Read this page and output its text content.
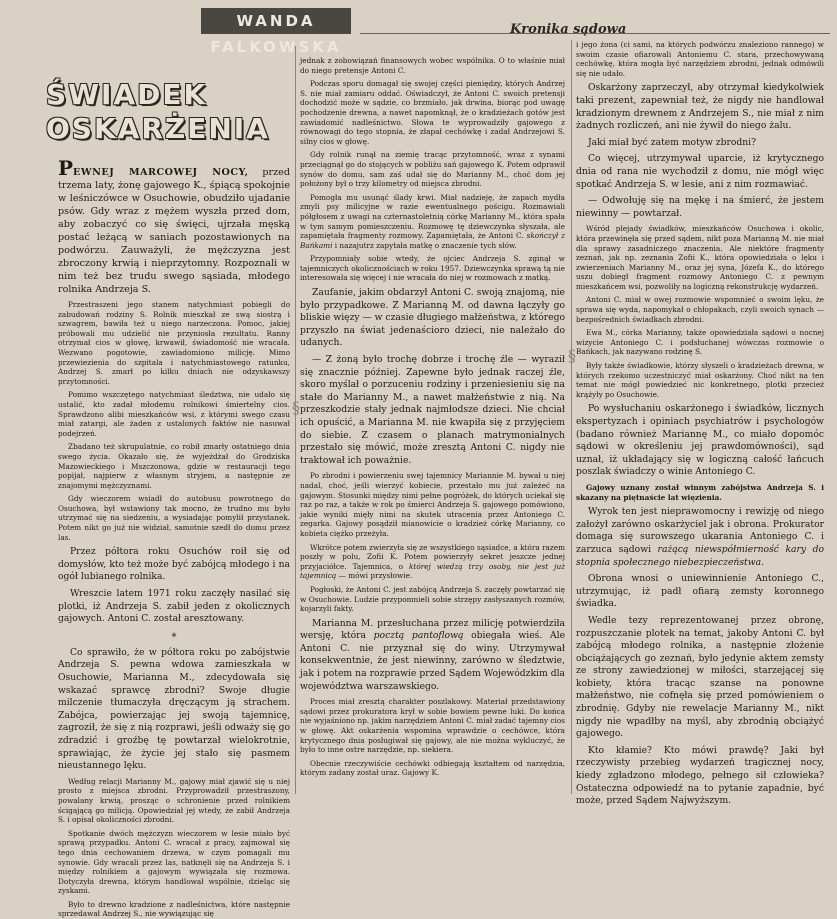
WANDA FALKOWSKA
Kronika sądowa
ŚWIADEK
OSKARŻENIA

PEWNEJ MARCOWEJ NOCY, przed trzema laty, żonę gajowego K., śpiącą spokojnie w leśniczówce w Osuchowie, obudziło ujadanie psów. Gdy wraz z mężem wyszła przed dom, aby zobaczyć co się święci, ujrzała męską postać leżącą w saniach pozostawionych na podwórzu. Zauważyli, że mężczyzna jest zbroczony krwią i nieprzytomny. Rozpoznali w nim też bez trudu swego sąsiada, młodego rolnika Andrzeja S.

Przestraszeni jego stanem natychmiast pobiegli do zabudowań rodziny S. Rolnik mieszkał ze swą siostrą i szwagrem, bawiła też u niego narzeczona. Pomoc, jakiej próbowali mu udzielić nie przyniosła rezultatu. Ranny otrzymał cios w głowę, krwawił, świadomość nie wracała. Wezwano pogotowie, zawiadomiono milicję. Mimo przewiezienia do szpitala i natychmiastowego ratunku, Andrzej S. zmarł po kilku dniach nie odzyskawszy przytomności.

Pomimo wszczętego natychmiast śledztwa, nie udało się ustalić, kto zadał młodemu rolnikowi śmiertelny cios. Sprawdzono alibi mieszkańców wsi, z którymi swego czasu miał zatargi, ale żaden z ustalonych faktów nie nasuwał podejrzeń.

Zbadano też skrupulatnie, co robił zmarły ostatniego dnia swego życia. Okazało się, że wyjeżdżał do Grodziska Mazowieckiego i Mszczonowa, gdzie w restauracji tego popijał, najpierw z własnym stryjem, a następnie ze znajomymi mężczyznami.

Gdy wieczorem wsiadł do autobusu powrotnego do Osuchowa, był wstawiony tak mocno, że trudno mu było utrzymać się na siedzeniu, a wysiadając pomylił przystanek. Potem nikt go już nie widział, samotnie szedł do domu przez las.

Przez półtora roku Osuchów roił się od domysłów, kto też może być zabójcą młodego i na ogół lubianego rolnika.

Wreszcie latem 1971 roku zaczęły nasilać się plotki, iż Andrzeja S. zabił jeden z okolicznych gajowych. Antoni C. został aresztowany.

*

Co sprawiło, że w półtora roku po zabójstwie Andrzeja S. pewna wdowa zamieszkała w Osuchowie, Marianna M., zdecydowała się wskazać sprawcę zbrodni? Swoje długie milczenie tłumaczyła dręczącym ją strachem. Zabójca, powierzając jej swoją tajemnicę, zagroził, że się z nią rozprawi, jeśli odważy się go zdradzić i groźbę tę powtarzał wielokrotnie, sprawiając, że życie jej stało się pasmem nieustannego lęku.

Według relacji Marianny M., gajowy miał zjawić się u niej prosto z miejsca zbrodni. Przyprowadził przestraszony, powalany krwią, prosząc o schronienie przed rolnikiem ścigającą go milicją. Opowiedział jej wtedy, że zabił Andrzeja S. i opisał okoliczności zbrodni.

Spotkanie dwóch mężczyzn wieczorem w lesie miało być sprawą przypadku. Antoni C. wracał z pracy, zajmował się tego dnia cechowaniem drzewa, w czym pomagali mu synowie. Gdy wracali przez las, natknęli się na Andrzeja S. i między rolnikiem a gajowym wywiązała się rozmowa. Dotyczyła drewna, którym handlował wspólnie, dzieląc się zyskami.

Było to drewno kradzione z nadleśnictwa, które następnie sprzedawał Andrzej S., nie wywiązując się

jednak z zobowiązań finansowych wobec wspólnika. O to właśnie miał do niego pretensje Antoni C.

Podczas sporu domagał się swojej części pieniędzy, których Andrzej S. nie miał zamiaru oddać. Oświadczył, że Antoni C. swoich pretensji dochodzić może w sądzie, co brzmiało, jak drwina, biorąc pod uwagę pochodzenie drewna, a nawet napomknął, że o kradzieżach gotów jest zawiadomić nadleśnictwo. Słowa te wyprowadziły gajowego z równowagi do tego stopnia, że złapał cechówkę i zadał Andrzejowi S. silny cios w głowę.

Gdy rolnik runął na ziemię tracąc przytomność, wraz z synami przeciągnął go do stojących w pobliżu sań gajowego K. Potem odprawił synów do domu, sam zaś udał się do Marianny M., choć dom jej położony był o trzy kilometry od miejsca zbrodni.

Pomogła mu usunąć ślady krwi. Miał nadzieję, że zapach mydła zmyli psy milicyjne w razie ewentualnego pościgu. Rozmawiali półgłosem z uwagi na czternastoletnią córkę Marianny M., która spała w tym samym pomieszczeniu. Rozmowę tę dziewczynka słyszała, ale zapamiętała fragmenty rozmowy. Zapamiętała, że Antoni C. skończył z Bańkami i nazajutrz zapytała matkę o znaczenie tych słów.

Przypomniały sobie wtedy, że ojciec Andrzeja S. zginął w tajemniczych okolicznościach w roku 1957. Dziewczynka sprawą tą nie interesowała się więcej i nie wracała do niej w rozmowach z matką.

Zaufanie, jakim obdarzył Antoni C. swoją znajomą, nie było przypadkowe. Z Marianną M. od dawna łączyły go bliskie więzy — w czasie długiego małżeństwa, z którego przyszło na świat jedenaścioro dzieci, nie należało do udanych.

— Z żoną było trochę dobrze i trochę źle — wyraził się znacznie później. Zapewne było jednak raczej źle, skoro myślał o porzuceniu rodziny i przeniesieniu się na stałe do Marianny M., a nawet małżeństwie z nią. Na przeszkodzie stały jednak najmłodsze dzieci. Nie chciał ich opuścić, a Marianna M. nie kwapiła się z przyjęciem do siebie. Z czasem o planach matrymonialnych przestało się mówić, może zresztą Antoni C. nigdy nie traktował ich poważnie.

Po zbrodni i powierzeniu swej tajemnicy Mariannie M. bywał u niej nadal, choć, jeśli wierzyć kobiecie, przestało mu już zależeć na gajowym. Stosunki między nimi pełne pogróżek, do których uciekał się raz po raz, a także w rok po śmierci Andrzeja S. gajowego pomówiono, jakie wyniki mięły nimi na skutek utracenia przez Antoniego C. zegarka. Gajowy posądził mianowicie o kradzież córkę Marianny, co kobieta ciężko przeżyła.

Wkrótce potem zwierzyła się ze wszystkiego sąsiadce, a która razem poszły w polu, Zofii K. Potem powierzyły sekret jeszcze jednej przyjaciółce. Tajemnica, o której wiedzą trzy osoby, nie jest już tajemnicą — mówi przysłowie.

Pogłoski, że Antoni C. jest zabójcą Andrzeja S. zaczęły powtarzać się w Osuchowie. Ludzie przypomnieli sobie strzępy zasłyszanych rozmów, kojarzyli fakty.

Marianna M. przesłuchana przez milicję potwierdziła wersję, która pocztą pantoflową obiegała wieś. Ale Antoni C. nie przyznał się do winy. Utrzymywał konsekwentnie, że jest niewinny, zarówno w śledztwie, jak i potem na rozprawie przed Sądem Wojewódzkim dla województwa warszawskiego.

Proces miał zresztą charakter poszlakowy. Materiał przedstawiony sądowi przez prokuratora krył w sobie bowiem pewne luki. Do końca nie wyjaśniono np. jakim narzędziem Antoni C. miał zadać tajemny cios w głowę. Akt oskarżenia wspomina wprawdzie o cechówce, która krytycznego dnia posługiwał się gajowy, ale nie można wykluczyć, że było to inne ostre narzędzie, np. siekiera.

Obecnie rzeczywiście cechówki odbiegają kształtem od narzędzia, którym zadany został uraz. Gajowy K.

i jego żona (ci sami, na których podwórzu znaleziono rannego) w swoim czasie ofiarowali Antoniemu C. stara, przechowywaną cechówkę, która mogła być narzędziem zbrodni, jednak odmówili się nie udało.

Oskarżony zaprzeczył, aby otrzymał kiedykolwiek taki prezent, zapewniał też, że nigdy nie handlował kradzionym drewnem z Andrzejem S., nie miał z nim żadnych rozliczeń, ani nie żywił do niego żalu.

Jaki miał być zatem motyw zbrodni?

Co więcej, utrzymywał uparcie, iż krytycznego dnia od rana nie wychodził z domu, nie mógł więc spotkać Andrzeja S. w lesie, ani z nim rozmawiać.

— Odwołuję się na mękę i na śmierć, że jestem niewinny — powtarzał.

Wśród plejady świadków, mieszkańców Osuchowa i okolic, która przewinęła się przed sądem, nikt poza Marianną M. nie miał dla sprawy zasadniczego znaczenia. Ale niektóre fragmenty zeznań, jak np. zeznania Zofii K., która opowiedziała o lęku i zwierzeniach Marianny M., oraz jej syna, Józefa K., do którego uszu dobiegł fragment rozmowy Antoniego C. z pewnym mieszkańcem wsi, pozwoliły na logiczną rekonstrukcję wydarzeń.

Antoni C. miał w owej rozmowie wspomnieć o swoim lęku, że sprawa się wyda, napomykał o chłopakach, czyli swoich synach — bezpośrednich świadkach zbrodni.

Ewa M., córka Marianny, także opowiedziała sądowi o nocnej wizycie Antoniego C. i podsłuchanej wówczas rozmowie o Bańkach, jak nazywano rodzinę S.

Były także świadkowie, którzy słyszeli o kradzieżach drewna, w których rzekomo uczestniczyć miał oskarżony. Choć nikt na ten temat nie mógł powiedzieć nic konkretnego, plotki przecież krążyły po Osuchowie.

Po wysłuchaniu oskarżonego i świadków, licznych ekspertyzach i opiniach psychiatrów i psychologów (badano również Mariannę M., co miało dopomóc sądowi w określeniu jej prawdomówności), sąd uznał, iż układający się w logiczną całość łańcuch poszlak świadczy o winie Antoniego C.

Gajowy uznany został winnym zabójstwa Andrzeja S. i skazany na piętnaście lat więzienia.

Wyrok ten jest nieprawomocny i rewizję od niego założył zarówno oskarżyciel jak i obrona. Prokurator domaga się surowszego ukarania Antoniego C. i zarzuca sądowi rażącą niewspółmierność kary do stopnia społecznego niebezpieczeństwa.

Obrona wnosi o uniewinnienie Antoniego C., utrzymując, iż padł ofiarą zemsty koronnego świadka.

Wedle tezy reprezentowanej przez obronę, rozpuszczanie plotek na temat, jakoby Antoni C. był zabójcą młodego rolnika, a następnie złożenie obciążających go zeznań, było jedynie aktem zemsty ze strony zawiedzionej w miłości, starzejącej się kobiety, która tracąc szanse na ponowne małżeństwo, nie cofnęła się przed pomówieniem o zbrodnię. Gdyby nie rewelacje Marianny M., nikt nigdy nie wpadłby na myśl, aby zbrodnią obciążyć gajowego.

Kto kłamie? Kto mówi prawdę? Jaki był rzeczywisty przebieg wydarzeń tragicznej nocy, kiedy zgładzono młodego, pełnego sił człowieka? Ostateczna odpowiedź na to pytanie zapadnie, być może, przed Sądem Najwyższym.

§
§
